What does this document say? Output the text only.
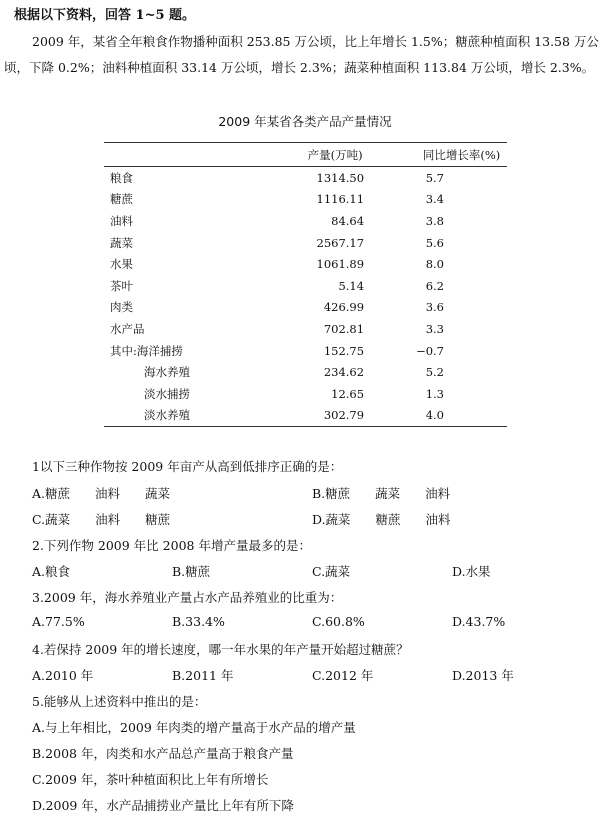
根据以下资料，回答 1~5 题。
2009 年，某省全年粮食作物播种面积 253.85 万公顷，比上年增长 1.5%；糖蔗种植面积 13.58 万公顷，下降 0.2%；油料种植面积 33.14 万公顷，增长 2.3%；蔬菜种植面积 113.84 万公顷，增长 2.3%。
2009 年某省各类产品产量情况
	产量(万吨)	同比增长率(%)
粮食	1314.50	5.7
糖蔗	1116.11	3.4
油料	84.64	3.8
蔬菜	2567.17	5.6
水果	1061.89	8.0
茶叶	5.14	6.2
肉类	426.99	3.6
水产品	702.81	3.3
其中:海洋捕捞	152.75	−0.7
海水养殖	234.62	5.2
淡水捕捞	12.65	1.3
淡水养殖	302.79	4.0
1以下三种作物按 2009 年亩产从高到低排序正确的是：
A.糖蔗　　油料　　蔬菜	B.糖蔗　　蔬菜　　油料
C.蔬菜　　油料　　糖蔗	D.蔬菜　　糖蔗　　油料
2.下列作物 2009 年比 2008 年增产量最多的是：
A.粮食	B.糖蔗	C.蔬菜	D.水果
3.2009 年，海水养殖业产量占水产品养殖业的比重为：
A.77.5%	B.33.4%	C.60.8%	D.43.7%
4.若保持 2009 年的增长速度，哪一年水果的年产量开始超过糖蔗？
A.2010 年	B.2011 年	C.2012 年	D.2013 年
5.能够从上述资料中推出的是：
A.与上年相比，2009 年肉类的增产量高于水产品的增产量
B.2008 年，肉类和水产品总产量高于粮食产量
C.2009 年，茶叶种植面积比上年有所增长
D.2009 年，水产品捕捞业产量比上年有所下降
